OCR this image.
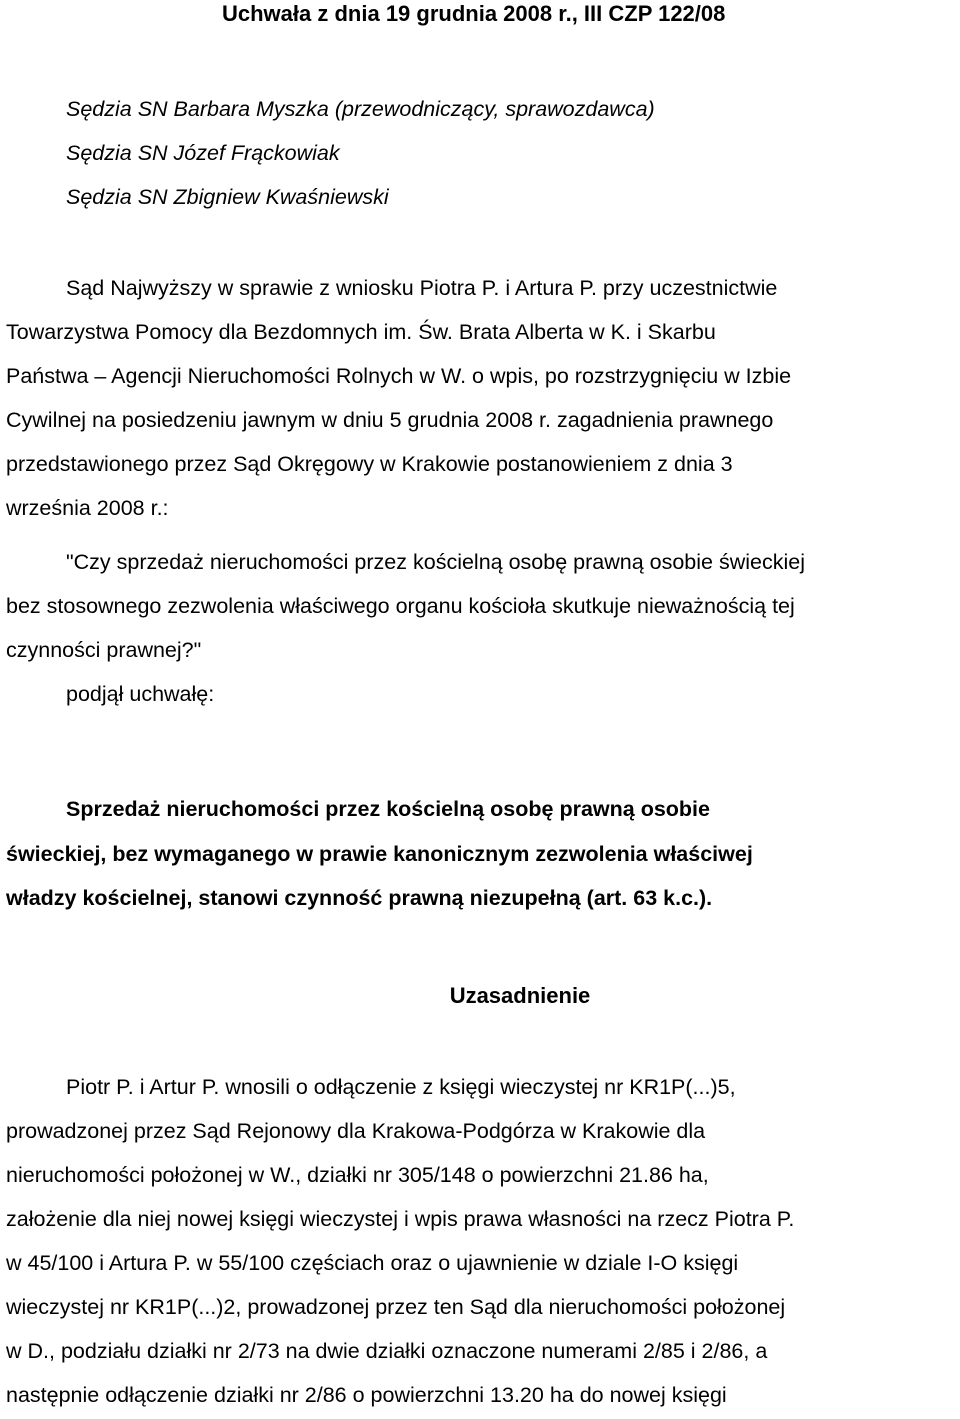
Uchwała z dnia 19 grudnia 2008 r., III CZP 122/08
Sędzia SN Barbara Myszka (przewodniczący, sprawozdawca)
Sędzia SN Józef Frąckowiak
Sędzia SN Zbigniew Kwaśniewski
Sąd Najwyższy w sprawie z wniosku Piotra P. i Artura P. przy uczestnictwie
Towarzystwa Pomocy dla Bezdomnych im. Św. Brata Alberta w K. i Skarbu
Państwa – Agencji Nieruchomości Rolnych w W. o wpis, po rozstrzygnięciu w Izbie
Cywilnej na posiedzeniu jawnym w dniu 5 grudnia 2008 r. zagadnienia prawnego
przedstawionego przez Sąd Okręgowy w Krakowie postanowieniem z dnia 3
września 2008 r.:
"Czy sprzedaż nieruchomości przez kościelną osobę prawną osobie świeckiej
bez stosownego zezwolenia właściwego organu kościoła skutkuje nieważnością tej
czynności prawnej?"
podjął uchwałę:
Sprzedaż nieruchomości przez kościelną osobę prawną osobie
świeckiej, bez wymaganego w prawie kanonicznym zezwolenia właściwej
władzy kościelnej, stanowi czynność prawną niezupełną (art. 63 k.c.).
Uzasadnienie
Piotr P. i Artur P. wnosili o odłączenie z księgi wieczystej nr KR1P(...)5,
prowadzonej przez Sąd Rejonowy dla Krakowa-Podgórza w Krakowie dla
nieruchomości położonej w W., działki nr 305/148 o powierzchni 21.86 ha,
założenie dla niej nowej księgi wieczystej i wpis prawa własności na rzecz Piotra P.
w 45/100 i Artura P. w 55/100 częściach oraz o ujawnienie w dziale I-O księgi
wieczystej nr KR1P(...)2, prowadzonej przez ten Sąd dla nieruchomości położonej
w D., podziału działki nr 2/73 na dwie działki oznaczone numerami 2/85 i 2/86, a
następnie odłączenie działki nr 2/86 o powierzchni 13.20 ha do nowej księgi
